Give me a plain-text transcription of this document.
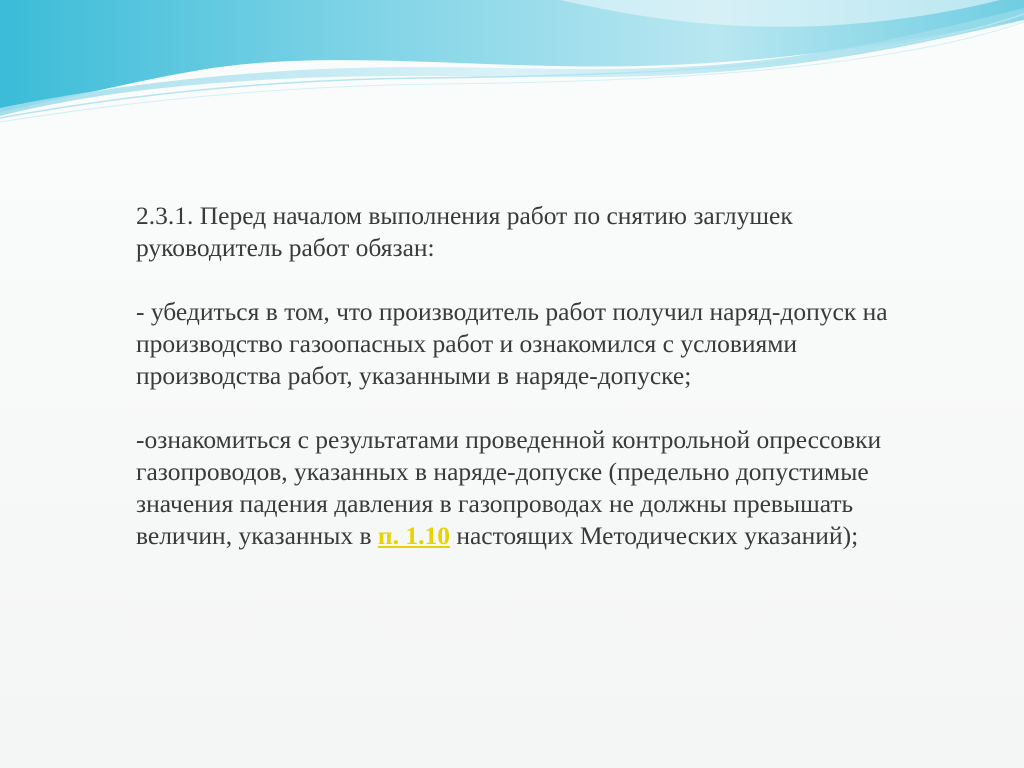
2.3.1. Перед началом выполнения работ по снятию заглушек руководитель работ обязан:

- убедиться в том, что производитель работ получил наряд-допуск на производство газоопасных работ и ознакомился с условиями производства работ, указанными в наряде-допуске;

-ознакомиться с результатами проведенной контрольной опрессовки газопроводов, указанных в наряде-допуске (предельно допустимые значения падения давления в газопроводах не должны превышать величин, указанных в п. 1.10 настоящих Методических указаний);
